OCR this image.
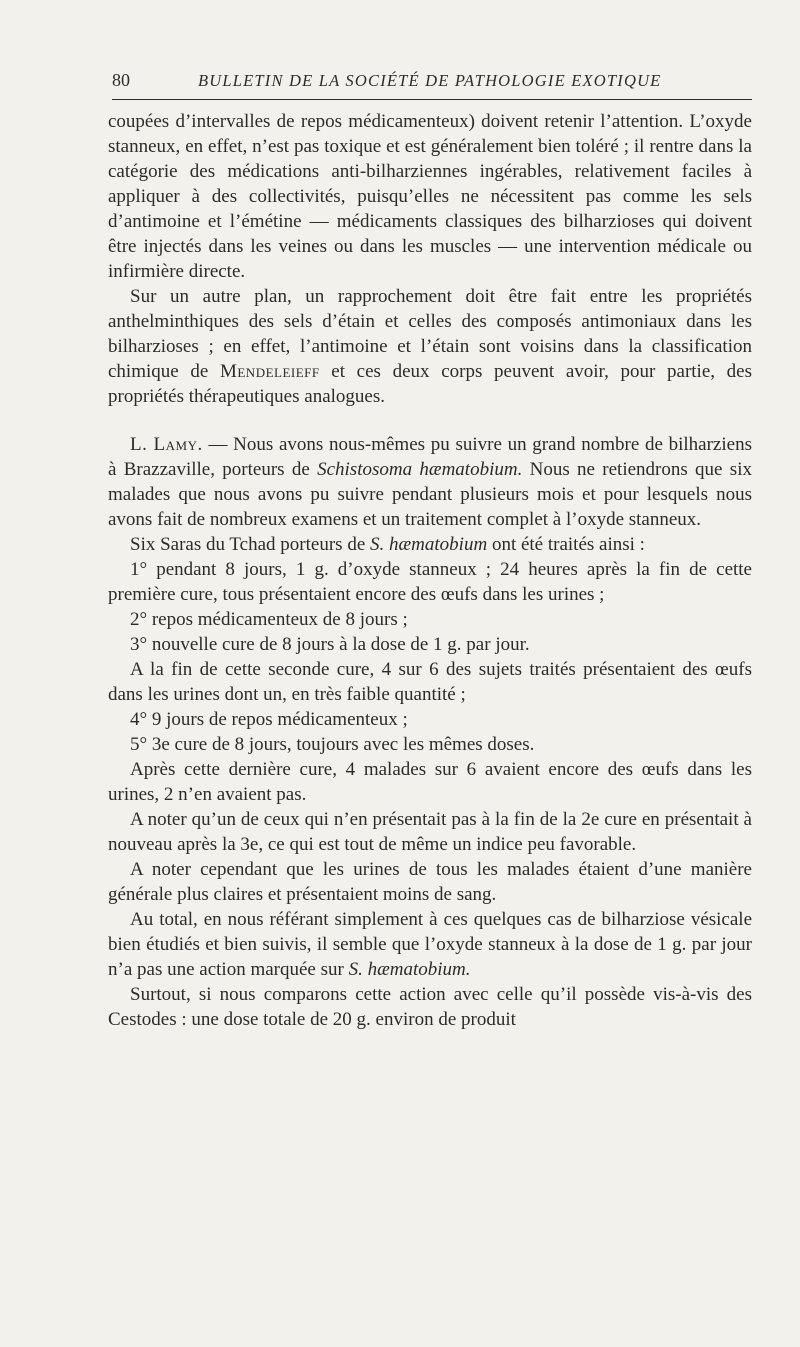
80	BULLETIN DE LA SOCIÉTÉ DE PATHOLOGIE EXOTIQUE

coupées d’intervalles de repos médicamenteux) doivent retenir l’attention. L’oxyde stanneux, en effet, n’est pas toxique et est généralement bien toléré ; il rentre dans la catégorie des médications anti-bilharziennes ingérables, relativement faciles à appliquer à des collectivités, puisqu’elles ne nécessitent pas comme les sels d’antimoine et l’émétine — médicaments classiques des bilharzioses qui doivent être injectés dans les veines ou dans les muscles — une intervention médicale ou infirmière directe.

Sur un autre plan, un rapprochement doit être fait entre les propriétés anthelminthiques des sels d’étain et celles des composés antimoniaux dans les bilharzioses ; en effet, l’antimoine et l’étain sont voisins dans la classification chimique de Mendeleieff et ces deux corps peuvent avoir, pour partie, des propriétés thérapeutiques analogues.

L. Lamy. — Nous avons nous-mêmes pu suivre un grand nombre de bilharziens à Brazzaville, porteurs de Schistosoma hæmatobium. Nous ne retiendrons que six malades que nous avons pu suivre pendant plusieurs mois et pour lesquels nous avons fait de nombreux examens et un traitement complet à l’oxyde stanneux.

Six Saras du Tchad porteurs de S. hæmatobium ont été traités ainsi :

1° pendant 8 jours, 1 g. d’oxyde stanneux ; 24 heures après la fin de cette première cure, tous présentaient encore des œufs dans les urines ;

2° repos médicamenteux de 8 jours ;

3° nouvelle cure de 8 jours à la dose de 1 g. par jour.

A la fin de cette seconde cure, 4 sur 6 des sujets traités présentaient des œufs dans les urines dont un, en très faible quantité ;

4° 9 jours de repos médicamenteux ;

5° 3e cure de 8 jours, toujours avec les mêmes doses.

Après cette dernière cure, 4 malades sur 6 avaient encore des œufs dans les urines, 2 n’en avaient pas.

A noter qu’un de ceux qui n’en présentait pas à la fin de la 2e cure en présentait à nouveau après la 3e, ce qui est tout de même un indice peu favorable.

A noter cependant que les urines de tous les malades étaient d’une manière générale plus claires et présentaient moins de sang.

Au total, en nous référant simplement à ces quelques cas de bilharziose vésicale bien étudiés et bien suivis, il semble que l’oxyde stanneux à la dose de 1 g. par jour n’a pas une action marquée sur S. hæmatobium.

Surtout, si nous comparons cette action avec celle qu’il possède vis-à-vis des Cestodes : une dose totale de 20 g. environ de produit
